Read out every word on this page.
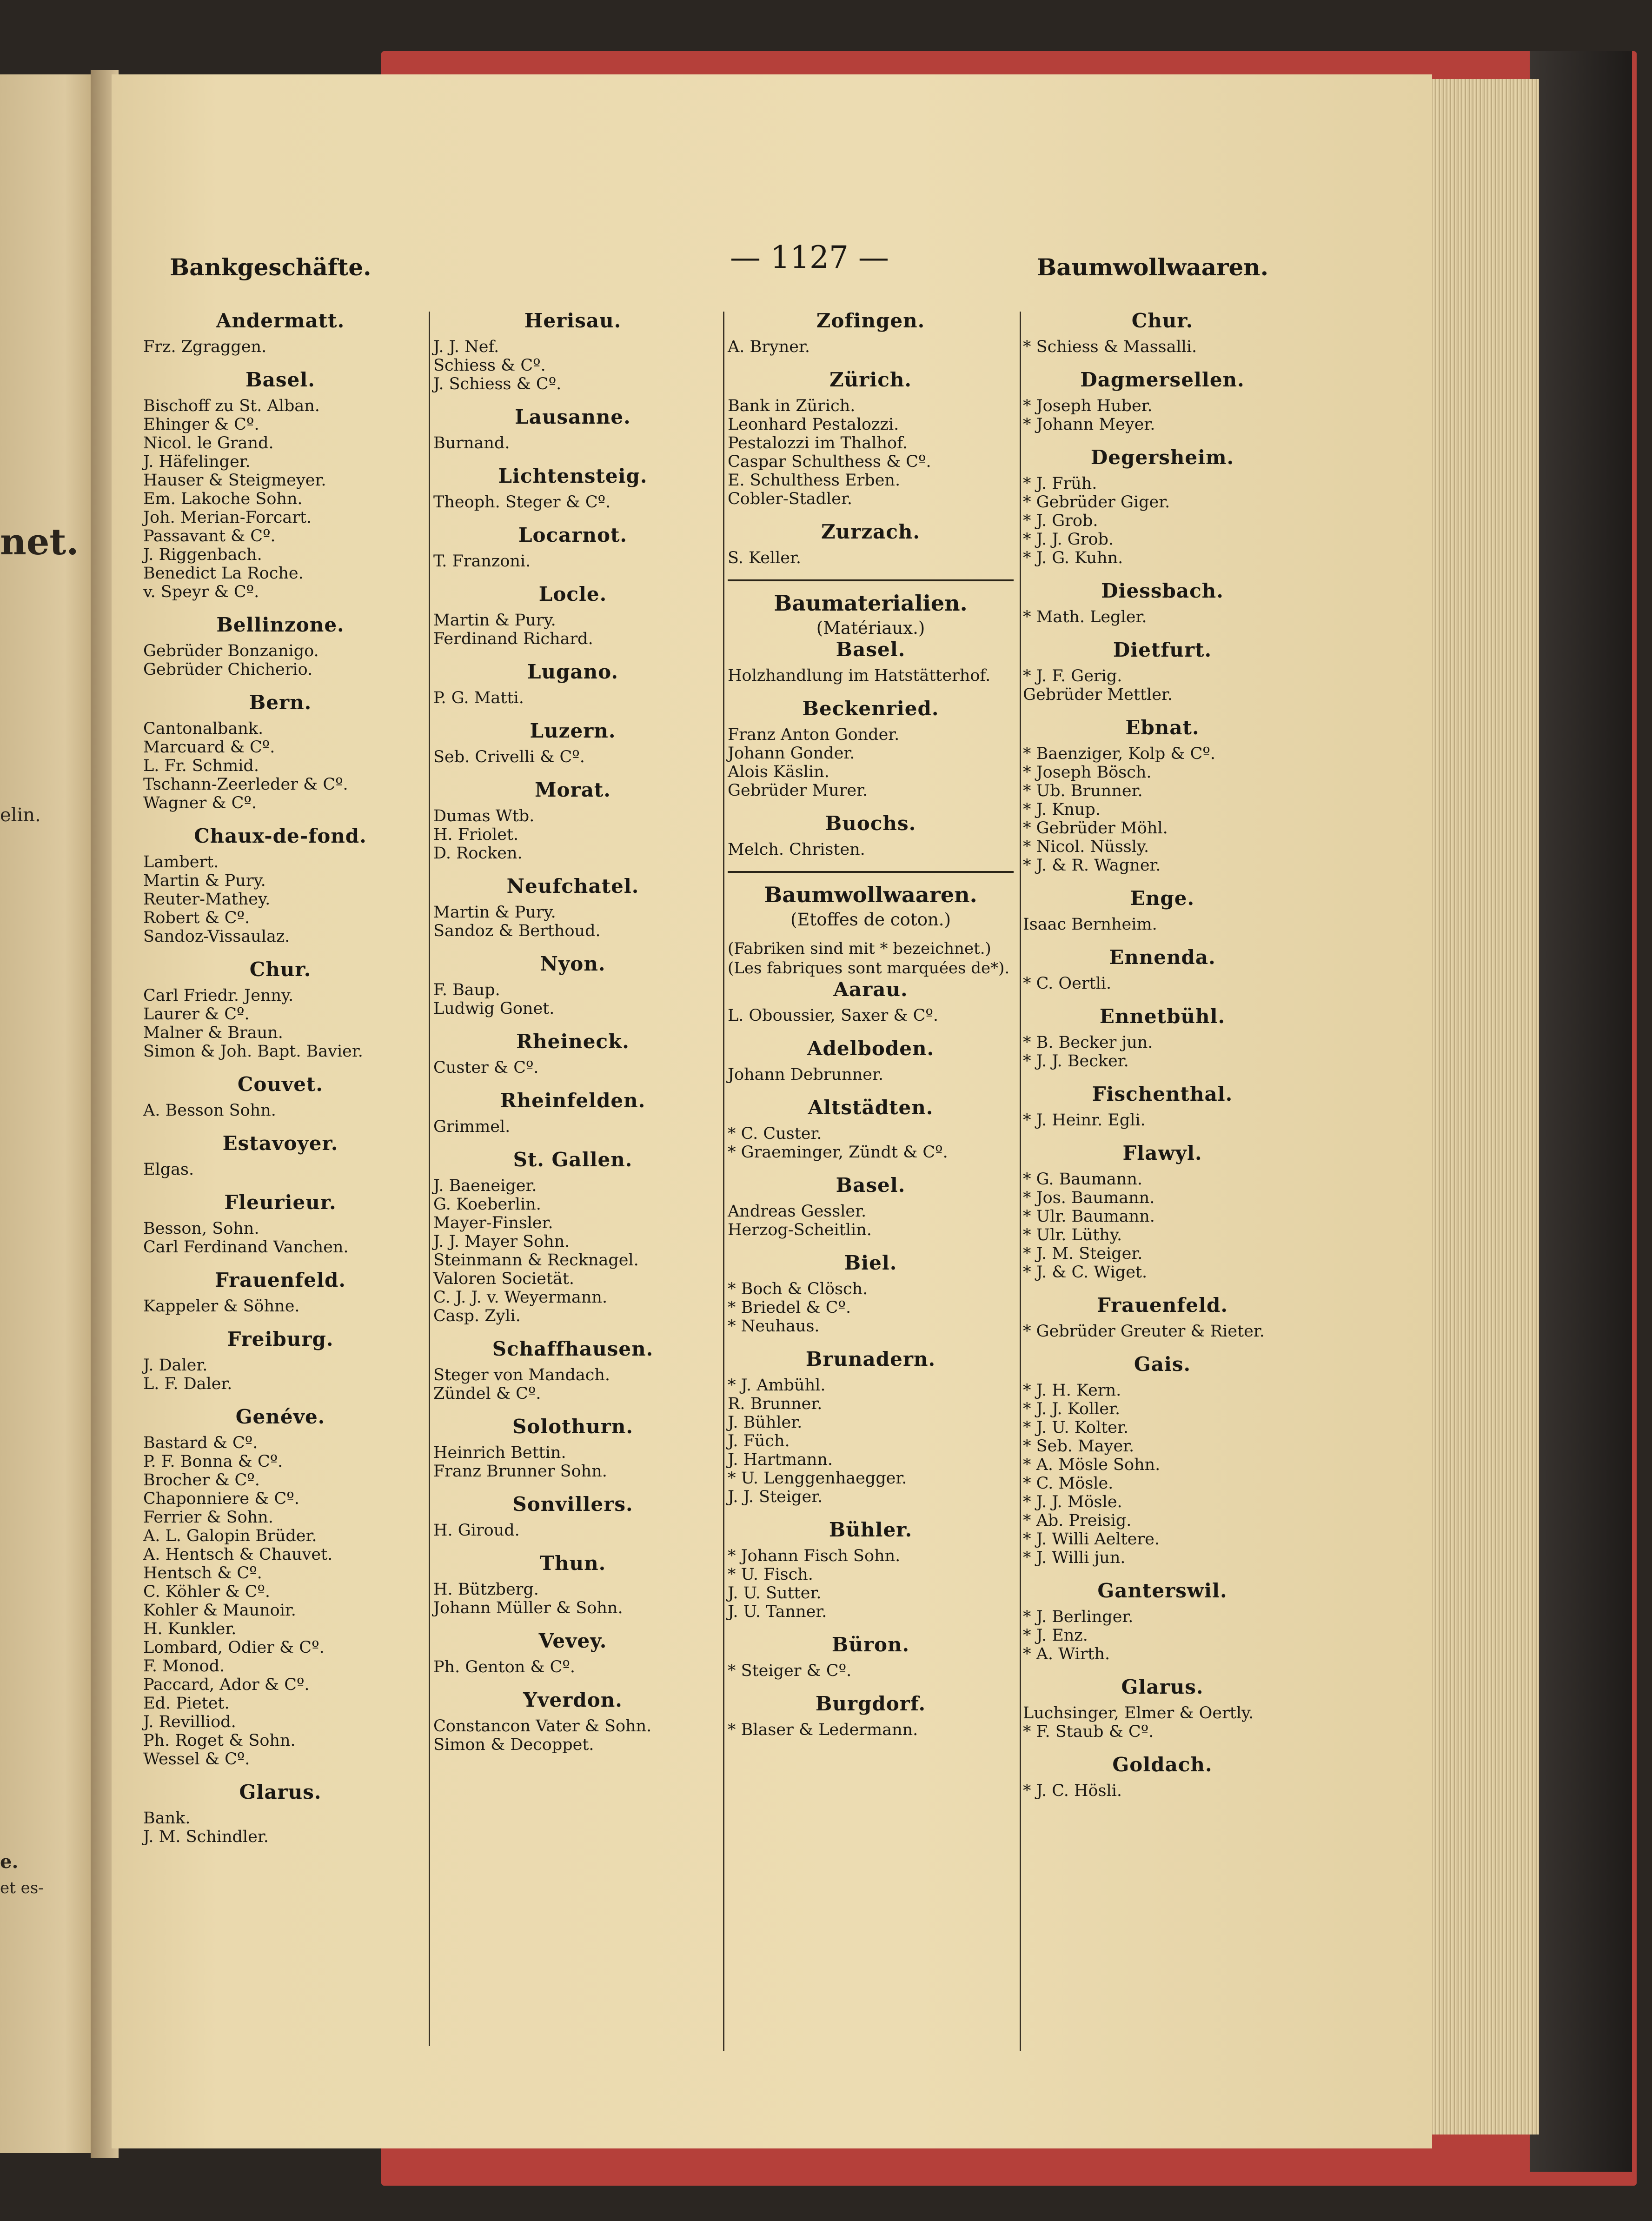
net.
elin.
e.
et es-
Bankgeschäfte.	— 1127 —	Baumwollwaaren.
Andermatt.
Frz. Zgraggen.
Basel.
Bischoff zu St. Alban.
Ehinger & Cº.
Nicol. le Grand.
J. Häfelinger.
Hauser & Steigmeyer.
Em. Lakoche Sohn.
Joh. Merian-Forcart.
Passavant & Cº.
J. Riggenbach.
Benedict La Roche.
v. Speyr & Cº.
Bellinzone.
Gebrüder Bonzanigo.
Gebrüder Chicherio.
Bern.
Cantonalbank.
Marcuard & Cº.
L. Fr. Schmid.
Tschann-Zeerleder & Cº.
Wagner & Cº.
Chaux-de-fond.
Lambert.
Martin & Pury.
Reuter-Mathey.
Robert & Cº.
Sandoz-Vissaulaz.
Chur.
Carl Friedr. Jenny.
Laurer & Cº.
Malner & Braun.
Simon & Joh. Bapt. Bavier.
Couvet.
A. Besson Sohn.
Estavoyer.
Elgas.
Fleurieur.
Besson, Sohn.
Carl Ferdinand Vanchen.
Frauenfeld.
Kappeler & Söhne.
Freiburg.
J. Daler.
L. F. Daler.
Genéve.
Bastard & Cº.
P. F. Bonna & Cº.
Brocher & Cº.
Chaponniere & Cº.
Ferrier & Sohn.
A. L. Galopin Brüder.
A. Hentsch & Chauvet.
Hentsch & Cº.
C. Köhler & Cº.
Kohler & Maunoir.
H. Kunkler.
Lombard, Odier & Cº.
F. Monod.
Paccard, Ador & Cº.
Ed. Pietet.
J. Revilliod.
Ph. Roget & Sohn.
Wessel & Cº.
Glarus.
Bank.
J. M. Schindler.
Herisau.
J. J. Nef.
Schiess & Cº.
J. Schiess & Cº.
Lausanne.
Burnand.
Lichtensteig.
Theoph. Steger & Cº.
Locarnot.
T. Franzoni.
Locle.
Martin & Pury.
Ferdinand Richard.
Lugano.
P. G. Matti.
Luzern.
Seb. Crivelli & Cº.
Morat.
Dumas Wtb.
H. Friolet.
D. Rocken.
Neufchatel.
Martin & Pury.
Sandoz & Berthoud.
Nyon.
F. Baup.
Ludwig Gonet.
Rheineck.
Custer & Cº.
Rheinfelden.
Grimmel.
St. Gallen.
J. Baeneiger.
G. Koeberlin.
Mayer-Finsler.
J. J. Mayer Sohn.
Steinmann & Recknagel.
Valoren Societät.
C. J. J. v. Weyermann.
Casp. Zyli.
Schaffhausen.
Steger von Mandach.
Zündel & Cº.
Solothurn.
Heinrich Bettin.
Franz Brunner Sohn.
Sonvillers.
H. Giroud.
Thun.
H. Bützberg.
Johann Müller & Sohn.
Vevey.
Ph. Genton & Cº.
Yverdon.
Constancon Vater & Sohn.
Simon & Decoppet.
Zofingen.
A. Bryner.
Zürich.
Bank in Zürich.
Leonhard Pestalozzi.
Pestalozzi im Thalhof.
Caspar Schulthess & Cº.
E. Schulthess Erben.
Cobler-Stadler.
Zurzach.
S. Keller.
Baumaterialien.
(Matériaux.)
Basel.
Holzhandlung im Hatstätterhof.
Beckenried.
Franz Anton Gonder.
Johann Gonder.
Alois Käslin.
Gebrüder Murer.
Buochs.
Melch. Christen.
Baumwollwaaren.
(Etoffes de coton.)
(Fabriken sind mit * bezeichnet.)
(Les fabriques sont marquées de*).
Aarau.
L. Oboussier, Saxer & Cº.
Adelboden.
Johann Debrunner.
Altstädten.
* C. Custer.
* Graeminger, Zündt & Cº.
Basel.
Andreas Gessler.
Herzog-Scheitlin.
Biel.
* Boch & Clösch.
* Briedel & Cº.
* Neuhaus.
Brunadern.
* J. Ambühl.
R. Brunner.
J. Bühler.
J. Füch.
J. Hartmann.
* U. Lenggenhaegger.
J. J. Steiger.
Bühler.
* Johann Fisch Sohn.
* U. Fisch.
J. U. Sutter.
J. U. Tanner.
Büron.
* Steiger & Cº.
Burgdorf.
* Blaser & Ledermann.
Chur.
* Schiess & Massalli.
Dagmersellen.
* Joseph Huber.
* Johann Meyer.
Degersheim.
* J. Früh.
* Gebrüder Giger.
* J. Grob.
* J. J. Grob.
* J. G. Kuhn.
Diessbach.
* Math. Legler.
Dietfurt.
* J. F. Gerig.
Gebrüder Mettler.
Ebnat.
* Baenziger, Kolp & Cº.
* Joseph Bösch.
* Ub. Brunner.
* J. Knup.
* Gebrüder Möhl.
* Nicol. Nüssly.
* J. & R. Wagner.
Enge.
Isaac Bernheim.
Ennenda.
* C. Oertli.
Ennetbühl.
* B. Becker jun.
* J. J. Becker.
Fischenthal.
* J. Heinr. Egli.
Flawyl.
* G. Baumann.
* Jos. Baumann.
* Ulr. Baumann.
* Ulr. Lüthy.
* J. M. Steiger.
* J. & C. Wiget.
Frauenfeld.
* Gebrüder Greuter & Rieter.
Gais.
* J. H. Kern.
* J. J. Koller.
* J. U. Kolter.
* Seb. Mayer.
* A. Mösle Sohn.
* C. Mösle.
* J. J. Mösle.
* Ab. Preisig.
* J. Willi Aeltere.
* J. Willi jun.
Ganterswil.
* J. Berlinger.
* J. Enz.
* A. Wirth.
Glarus.
Luchsinger, Elmer & Oertly.
* F. Staub & Cº.
Goldach.
* J. C. Hösli.
